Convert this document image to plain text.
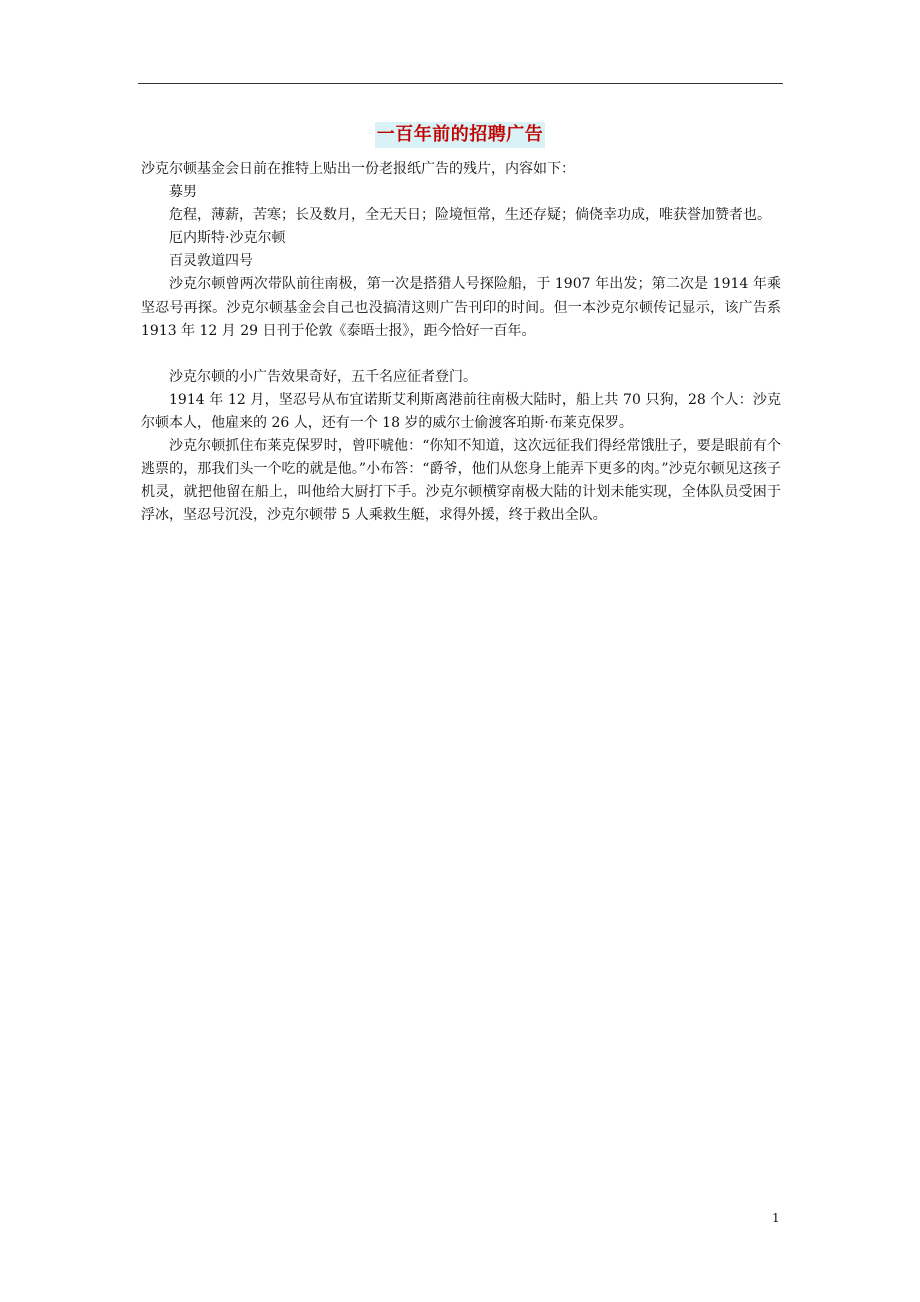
一百年前的招聘广告

沙克尔顿基金会日前在推特上贴出一份老报纸广告的残片，内容如下：

募男

危程，薄薪，苦寒；长及数月，全无天日；险境恒常，生还存疑；倘侥幸功成，唯获誉加赞者也。

厄内斯特·沙克尔顿

百灵敦道四号

沙克尔顿曾两次带队前往南极，第一次是搭猎人号探险船，于 1907 年出发；第二次是 1914 年乘坚忍号再探。沙克尔顿基金会自己也没搞清这则广告刊印的时间。但一本沙克尔顿传记显示，该广告系 1913 年 12 月 29 日刊于伦敦《泰晤士报》，距今恰好一百年。

沙克尔顿的小广告效果奇好，五千名应征者登门。

1914 年 12 月，坚忍号从布宜诺斯艾利斯离港前往南极大陆时，船上共 70 只狗，28 个人：沙克尔顿本人，他雇来的 26 人，还有一个 18 岁的威尔士偷渡客珀斯·布莱克保罗。

沙克尔顿抓住布莱克保罗时，曾吓唬他：“你知不知道，这次远征我们得经常饿肚子，要是眼前有个逃票的，那我们头一个吃的就是他。”小布答：“爵爷，他们从您身上能弄下更多的肉。”沙克尔顿见这孩子机灵，就把他留在船上，叫他给大厨打下手。沙克尔顿横穿南极大陆的计划未能实现，全体队员受困于浮冰，坚忍号沉没，沙克尔顿带 5 人乘救生艇，求得外援，终于救出全队。

1
